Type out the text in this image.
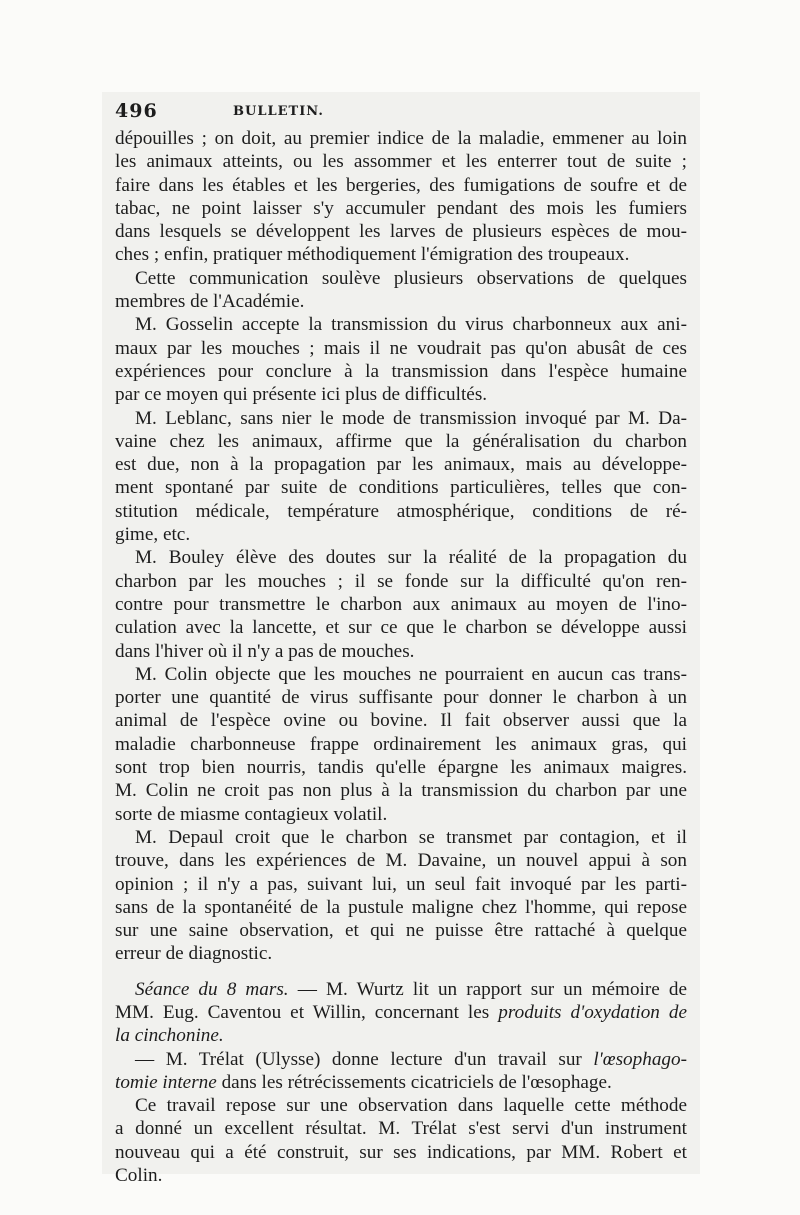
496	BULLETIN.
dépouilles ; on doit, au premier indice de la maladie, emmener au loin
les animaux atteints, ou les assommer et les enterrer tout de suite ;
faire dans les étables et les bergeries, des fumigations de soufre et de
tabac, ne point laisser s'y accumuler pendant des mois les fumiers
dans lesquels se développent les larves de plusieurs espèces de mou-
ches ; enfin, pratiquer méthodiquement l'émigration des troupeaux.
Cette communication soulève plusieurs observations de quelques
membres de l'Académie.
M. Gosselin accepte la transmission du virus charbonneux aux ani-
maux par les mouches ; mais il ne voudrait pas qu'on abusât de ces
expériences pour conclure à la transmission dans l'espèce humaine
par ce moyen qui présente ici plus de difficultés.
M. Leblanc, sans nier le mode de transmission invoqué par M. Da-
vaine chez les animaux, affirme que la généralisation du charbon
est due, non à la propagation par les animaux, mais au développe-
ment spontané par suite de conditions particulières, telles que con-
stitution médicale, température atmosphérique, conditions de ré-
gime, etc.
M. Bouley élève des doutes sur la réalité de la propagation du
charbon par les mouches ; il se fonde sur la difficulté qu'on ren-
contre pour transmettre le charbon aux animaux au moyen de l'ino-
culation avec la lancette, et sur ce que le charbon se développe aussi
dans l'hiver où il n'y a pas de mouches.
M. Colin objecte que les mouches ne pourraient en aucun cas trans-
porter une quantité de virus suffisante pour donner le charbon à un
animal de l'espèce ovine ou bovine. Il fait observer aussi que la
maladie charbonneuse frappe ordinairement les animaux gras, qui
sont trop bien nourris, tandis qu'elle épargne les animaux maigres.
M. Colin ne croit pas non plus à la transmission du charbon par une
sorte de miasme contagieux volatil.
M. Depaul croit que le charbon se transmet par contagion, et il
trouve, dans les expériences de M. Davaine, un nouvel appui à son
opinion ; il n'y a pas, suivant lui, un seul fait invoqué par les parti-
sans de la spontanéité de la pustule maligne chez l'homme, qui repose
sur une saine observation, et qui ne puisse être rattaché à quelque
erreur de diagnostic.
Séance du 8 mars. — M. Wurtz lit un rapport sur un mémoire de
MM. Eug. Caventou et Willin, concernant les produits d'oxydation de
la cinchonine.
— M. Trélat (Ulysse) donne lecture d'un travail sur l'œsophago-
tomie interne dans les rétrécissements cicatriciels de l'œsophage.
Ce travail repose sur une observation dans laquelle cette méthode
a donné un excellent résultat. M. Trélat s'est servi d'un instrument
nouveau qui a été construit, sur ses indications, par MM. Robert et
Colin.
